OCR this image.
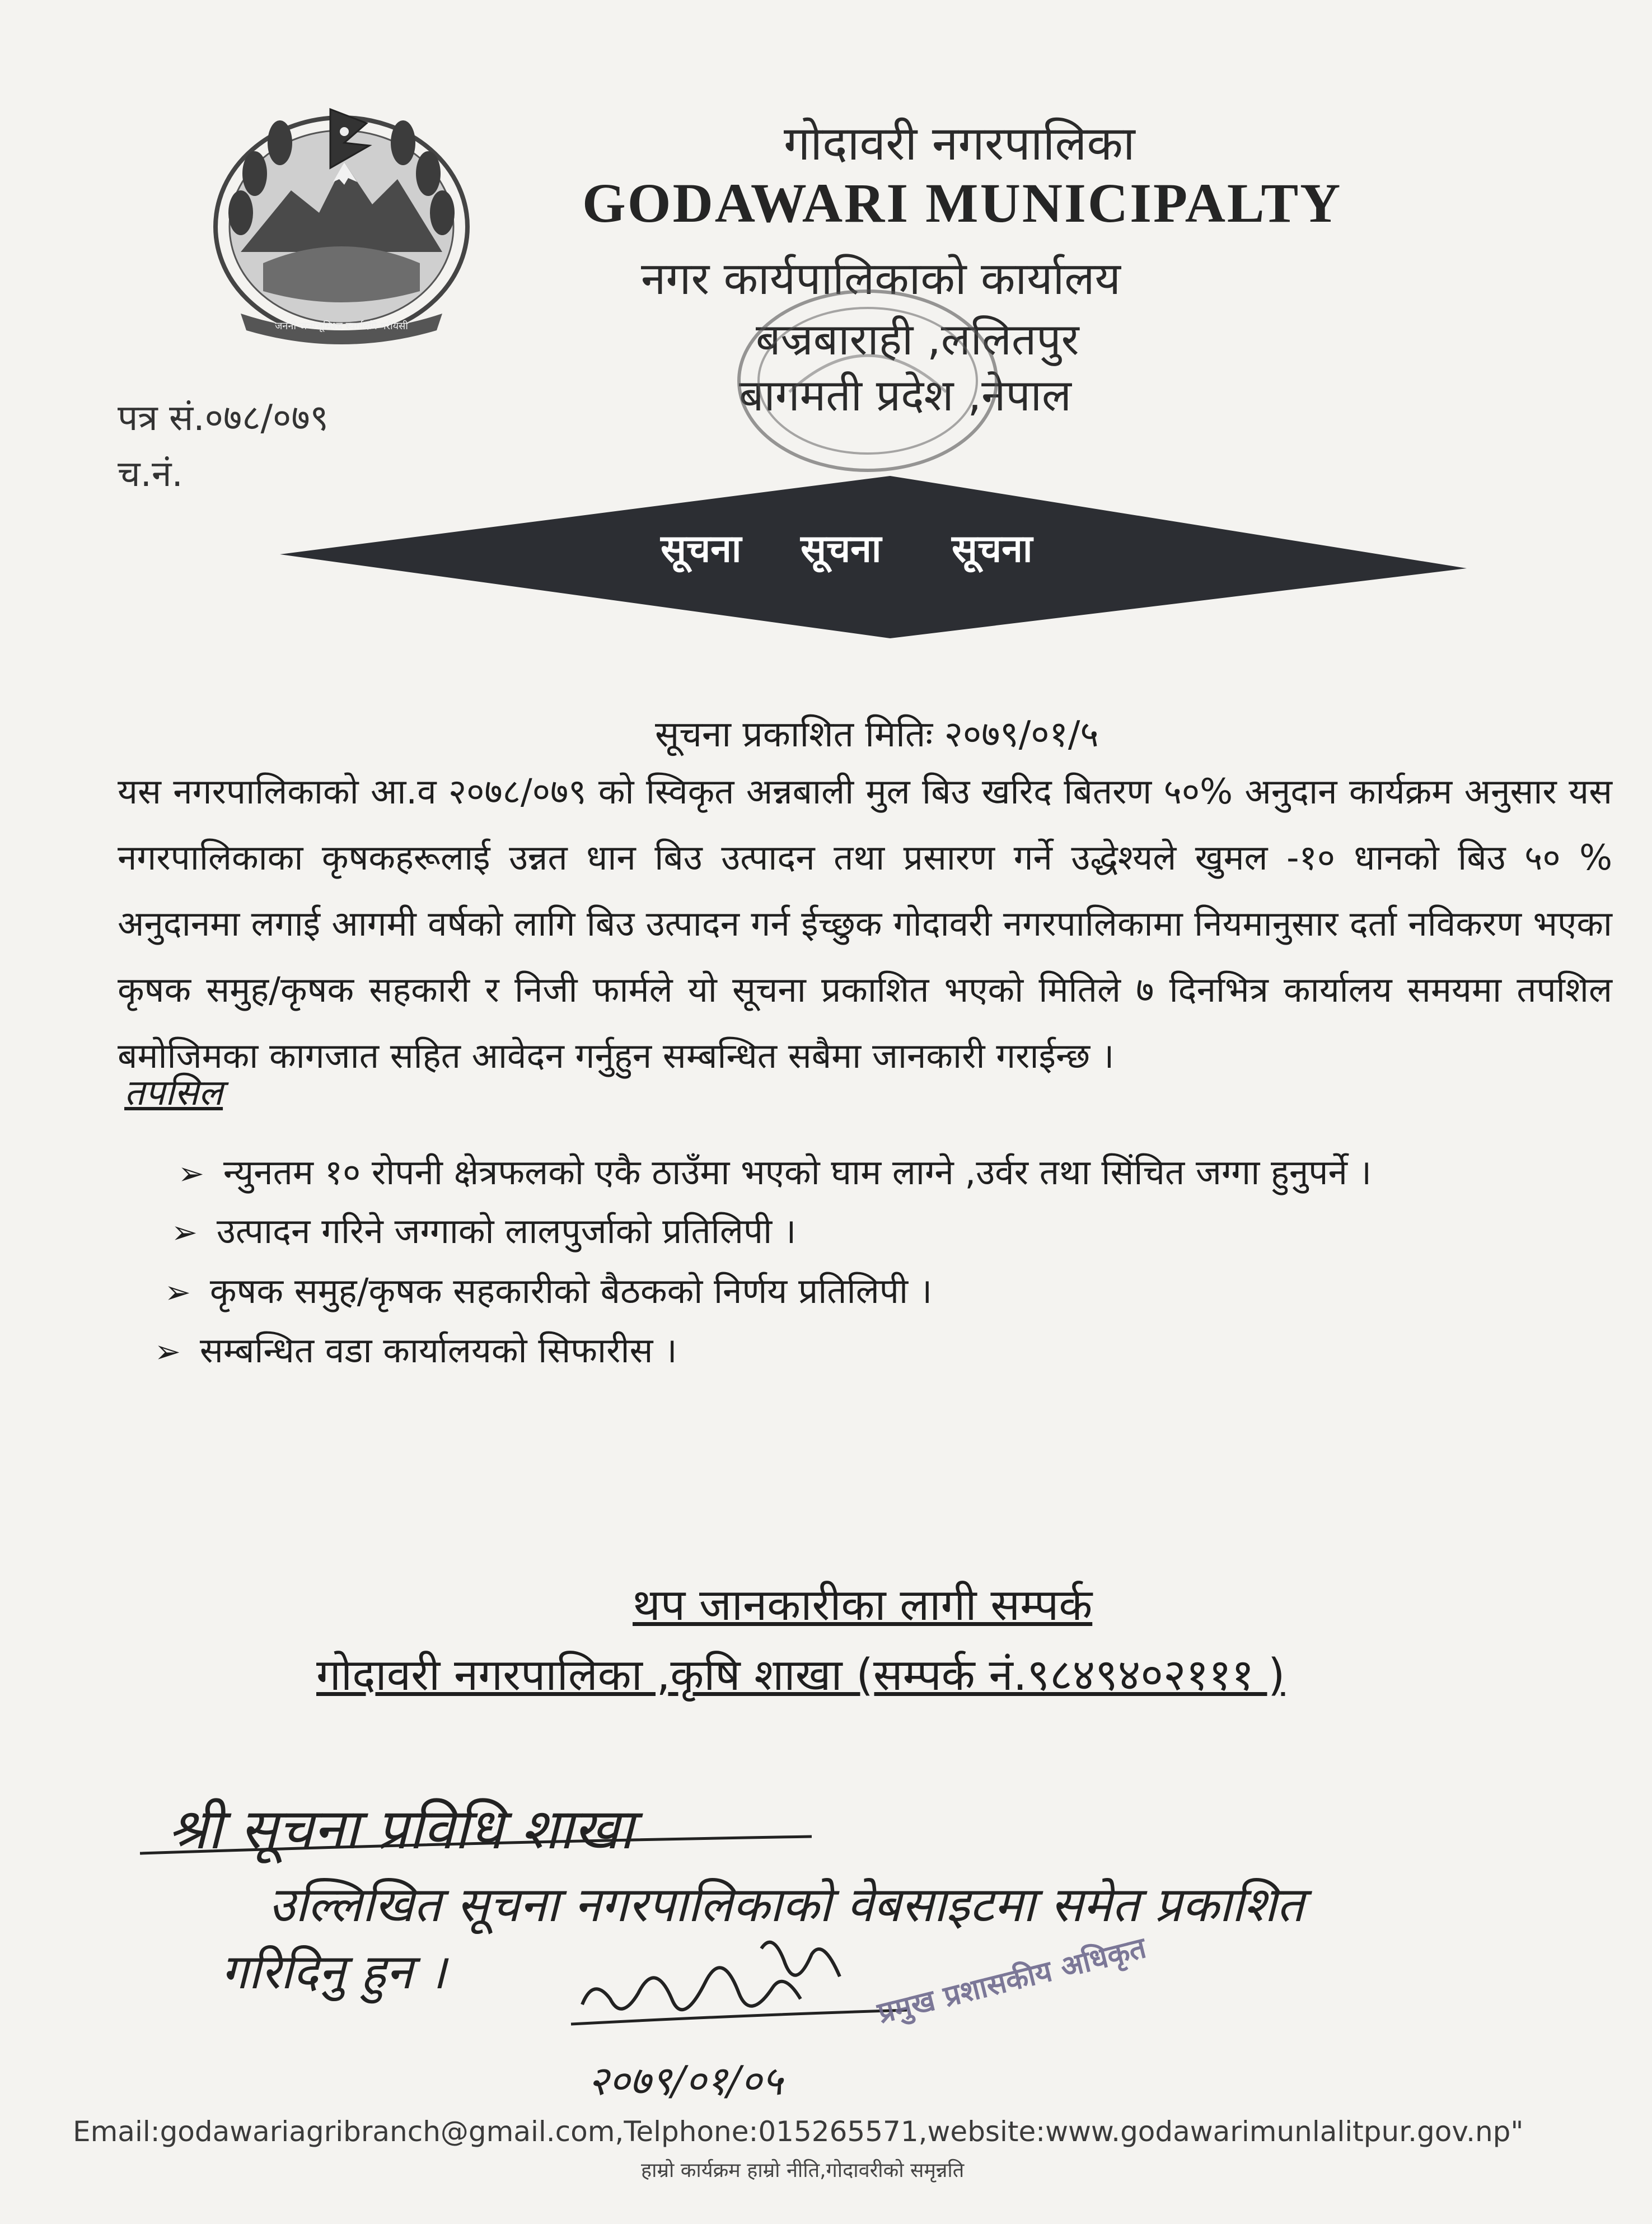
जननी जन्मभूमिश्च स्वर्गादपि गरीयसी
गोदावरी नगरपालिका
GODAWARI MUNICIPALTY
नगर कार्यपालिकाको कार्यालय
बज्रबाराही ,ललितपुर
बागमती प्रदेश ,नेपाल
पत्र सं.०७८/०७९
च.नं.
सूचना सूचना सूचना
सूचना प्रकाशित मितिः २०७९/०१/५
यस नगरपालिकाको आ.व २०७८/०७९ को स्विकृत अन्नबाली मुल बिउ खरिद बितरण ५०% अनुदान कार्यक्रम अनुसार यस नगरपालिकाका कृषकहरूलाई उन्नत धान बिउ उत्पादन तथा प्रसारण गर्ने उद्धेश्यले खुमल -१० धानको बिउ ५० % अनुदानमा लगाई आगमी वर्षको लागि बिउ उत्पादन गर्न ईच्छुक गोदावरी नगरपालिकामा नियमानुसार दर्ता नविकरण भएका कृषक समुह/कृषक सहकारी र निजी फार्मले यो सूचना प्रकाशित भएको मितिले ७ दिनभित्र कार्यालय समयमा तपशिल बमोजिमका कागजात सहित आवेदन गर्नुहुन सम्बन्धित सबैमा जानकारी गराईन्छ ।
तपसिल
➢ न्युनतम १० रोपनी क्षेत्रफलको एकै ठाउँमा भएको घाम लाग्ने ,उर्वर तथा सिंचित जग्गा हुनुपर्ने ।
➢ उत्पादन गरिने जग्गाको लालपुर्जाको प्रतिलिपी ।
➢ कृषक समुह/कृषक सहकारीको बैठकको निर्णय प्रतिलिपी ।
➢ सम्बन्धित वडा कार्यालयको सिफारीस ।
थप जानकारीका लागी सम्पर्क
गोदावरी नगरपालिका ,कृषि शाखा (सम्पर्क नं.९८४९४०२१११ )
श्री सूचना प्रविधि शाखा
उल्लिखित सूचना नगरपालिकाको वेबसाइटमा समेत प्रकाशित
गरिदिनु हुन ।
२०७९/०१/०५
प्रमुख प्रशासकीय अधिकृत
Email:godawariagribranch@gmail.com,Telphone:015265571,website:www.godawarimunlalitpur.gov.np"
हाम्रो कार्यक्रम हाम्रो नीति,गोदावरीको समृन्नति
